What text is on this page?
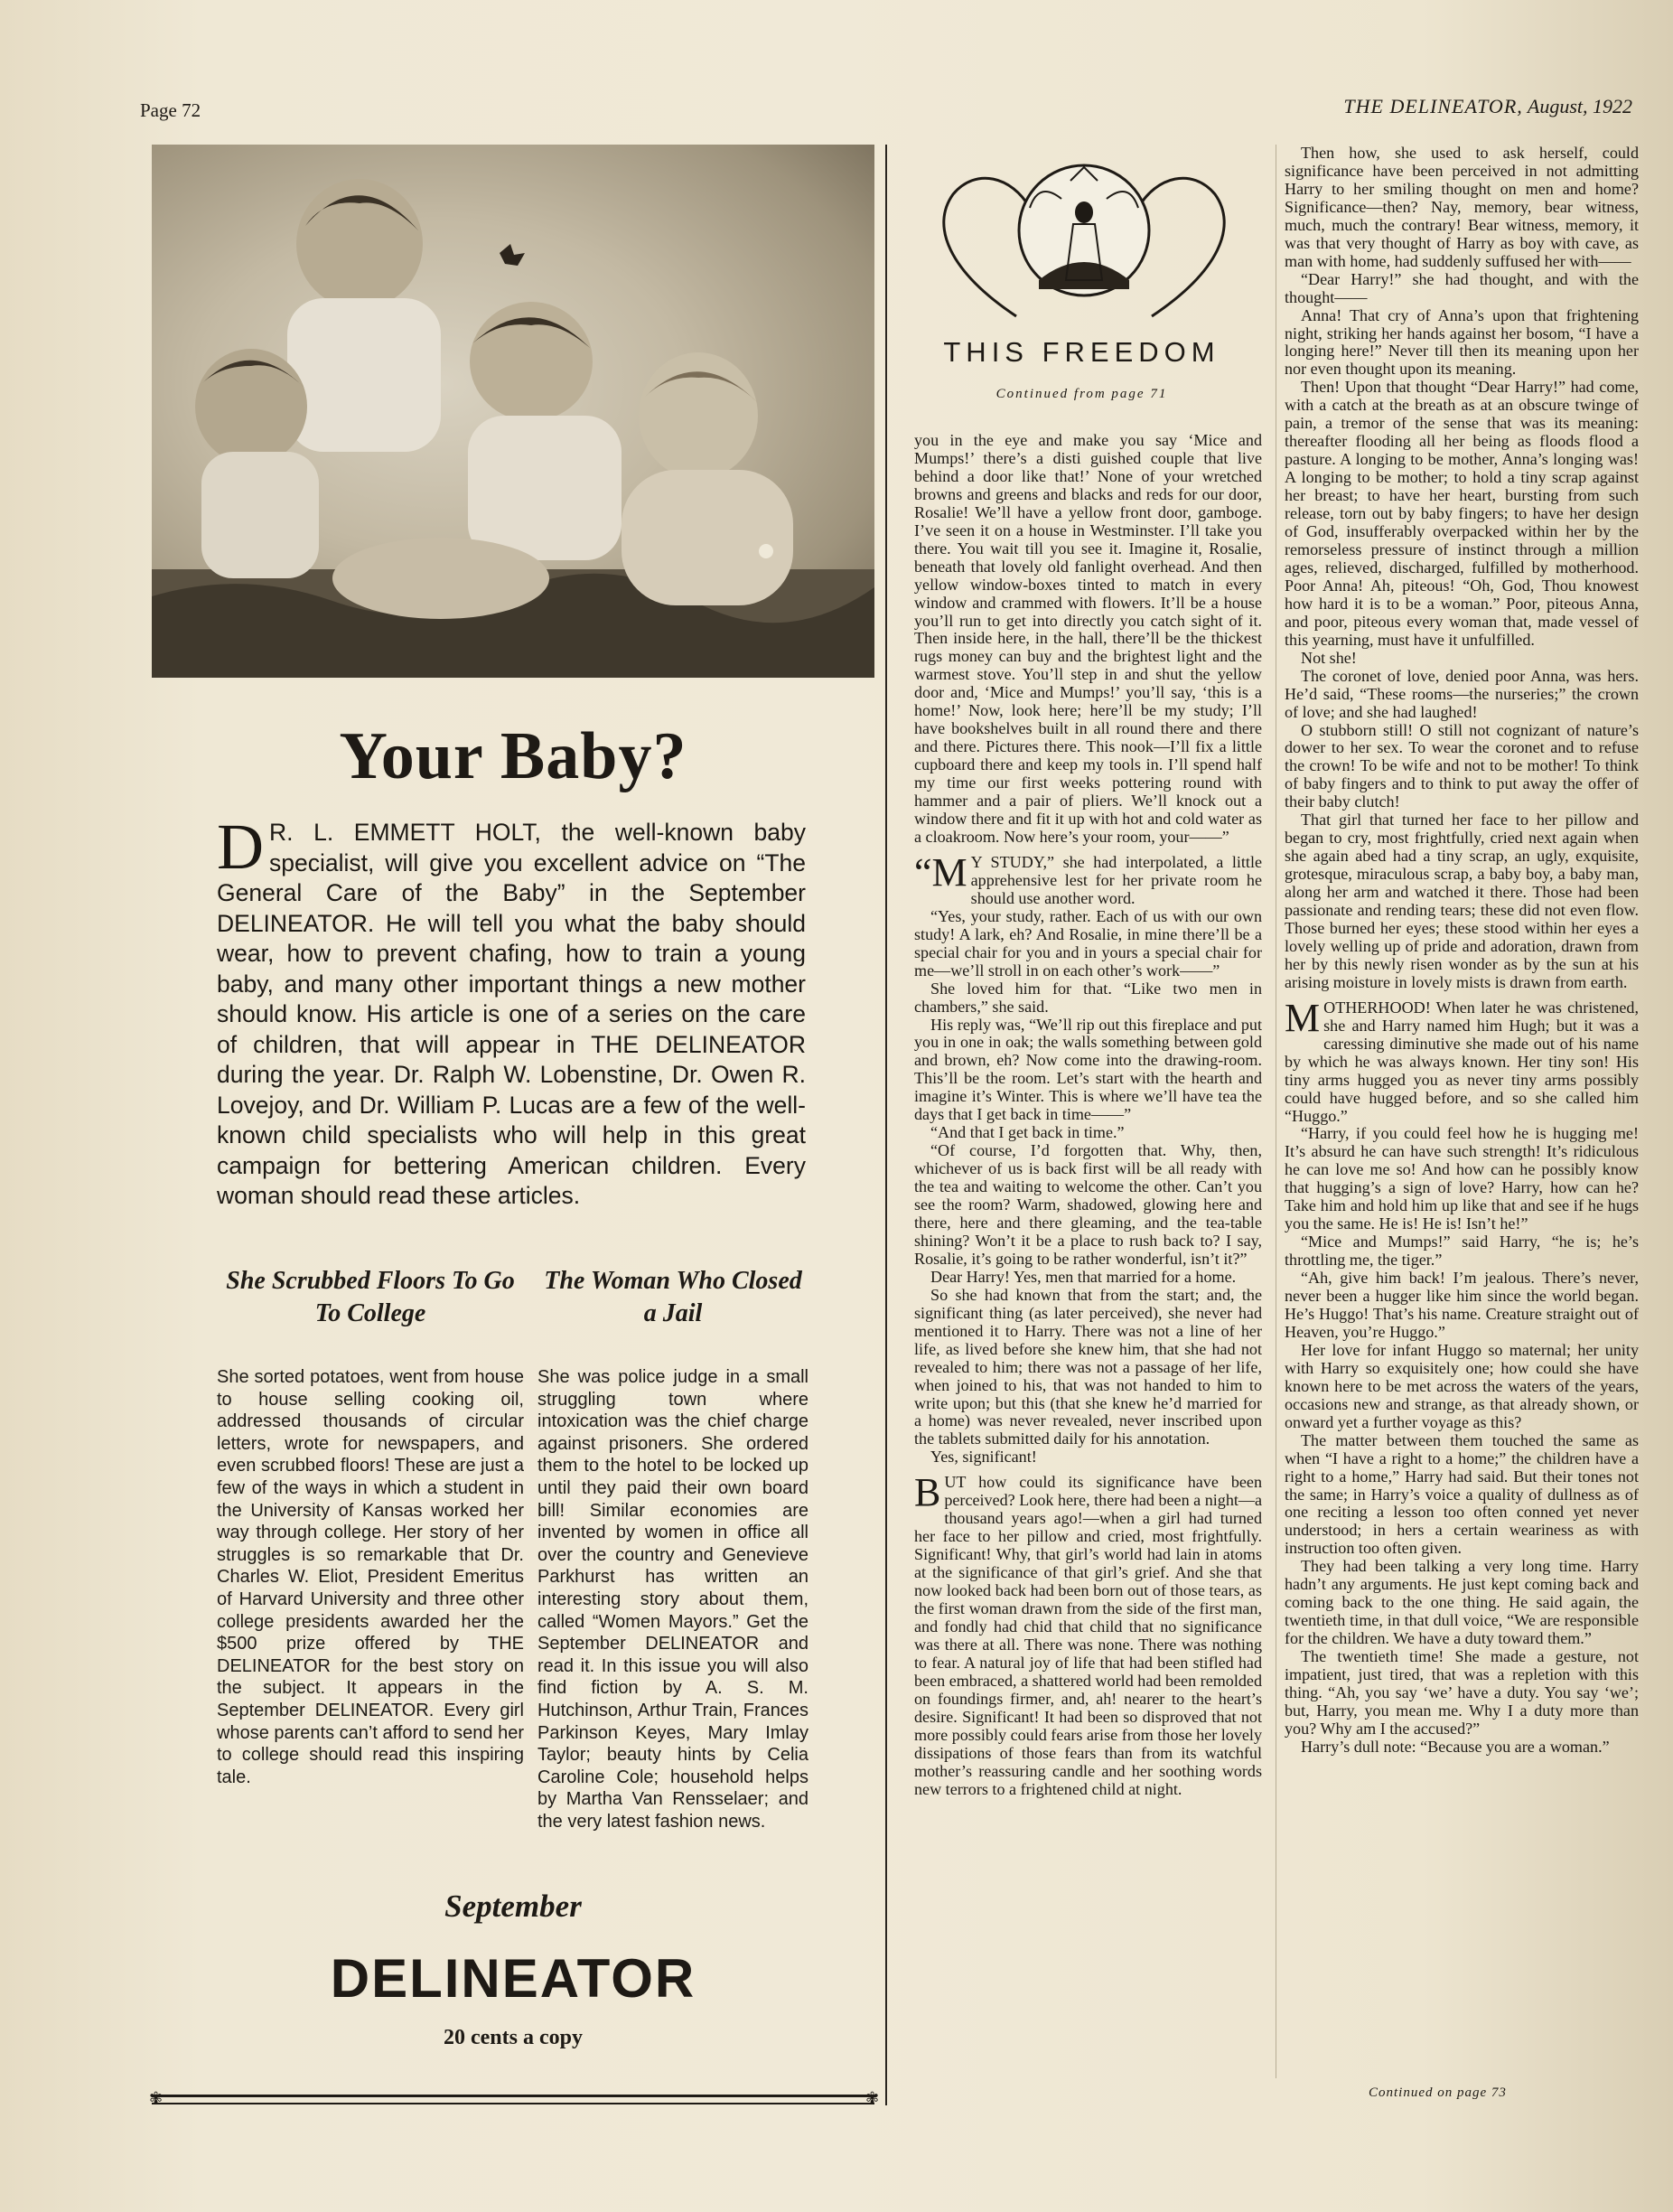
Page 72	THE DELINEATOR, August, 1922
Your Baby?
D R. L. EMMETT HOLT, the well-known baby specialist, will give you excellent advice on “The General Care of the Baby” in the September DELINEATOR. He will tell you what the baby should wear, how to prevent chafing, how to train a young baby, and many other important things a new mother should know. His article is one of a series on the care of children, that will appear in THE DELINEATOR during the year. Dr. Ralph W. Lobenstine, Dr. Owen R. Lovejoy, and Dr. William P. Lucas are a few of the well-known child specialists who will help in this great campaign for bettering American children. Every woman should read these articles.
She Scrubbed Floors To Go To College
She sorted potatoes, went from house to house selling cooking oil, addressed thousands of circular letters, wrote for newspapers, and even scrubbed floors! These are just a few of the ways in which a student in the University of Kansas worked her way through college. Her story of her struggles is so remarkable that Dr. Charles W. Eliot, President Emeritus of Harvard University and three other college presidents awarded her the $500 prize offered by THE DELINEATOR for the best story on the subject. It appears in the September DELINEATOR. Every girl whose parents can’t afford to send her to college should read this inspiring tale.
The Woman Who Closed a Jail
She was police judge in a small struggling town where intoxication was the chief charge against prisoners. She ordered them to the hotel to be locked up until they paid their own board bill! Similar economies are invented by women in office all over the country and Genevieve Parkhurst has written an interesting story about them, called “Women Mayors.” Get the September DELINEATOR and read it. In this issue you will also find fiction by A. S. M. Hutchinson, Arthur Train, Frances Parkinson Keyes, Mary Imlay Taylor; beauty hints by Celia Caroline Cole; household helps by Martha Van Rensselaer; and the very latest fashion news.
September
DELINEATOR
20 cents a copy
✾	✾
THIS FREEDOM
Continued from page 71

you in the eye and make you say ‘Mice and Mumps!’ there’s a disti guished couple that live behind a door like that!’ None of your wretched browns and greens and blacks and reds for our door, Rosalie! We’ll have a yellow front door, gamboge. I’ve seen it on a house in Westminster. I’ll take you there. You wait till you see it. Imagine it, Rosalie, beneath that lovely old fanlight overhead. And then yellow window-boxes tinted to match in every window and crammed with flowers. It’ll be a house you’ll run to get into directly you catch sight of it. Then inside here, in the hall, there’ll be the thickest rugs money can buy and the brightest light and the warmest stove. You’ll step in and shut the yellow door and, ‘Mice and Mumps!’ you’ll say, ‘this is a home!’ Now, look here; here’ll be my study; I’ll have bookshelves built in all round there and there and there. Pictures there. This nook—I’ll fix a little cupboard there and keep my tools in. I’ll spend half my time our first weeks pottering round with hammer and a pair of pliers. We’ll knock out a window there and fit it up with hot and cold water as a cloakroom. Now here’s your room, your——”

“M Y STUDY,” she had interpolated, a little apprehensive lest for her private room he should use another word.

“Yes, your study, rather. Each of us with our own study! A lark, eh? And Rosalie, in mine there’ll be a special chair for you and in yours a special chair for me—we’ll stroll in on each other’s work——”

She loved him for that. “Like two men in chambers,” she said.

His reply was, “We’ll rip out this fireplace and put you in one in oak; the walls something between gold and brown, eh? Now come into the drawing-room. This’ll be the room. Let’s start with the hearth and imagine it’s Winter. This is where we’ll have tea the days that I get back in time——”

“And that I get back in time.”

“Of course, I’d forgotten that. Why, then, whichever of us is back first will be all ready with the tea and waiting to welcome the other. Can’t you see the room? Warm, shadowed, glowing here and there, here and there gleaming, and the tea-table shining? Won’t it be a place to rush back to? I say, Rosalie, it’s going to be rather wonderful, isn’t it?”

Dear Harry! Yes, men that married for a home.

So she had known that from the start; and, the significant thing (as later perceived), she never had mentioned it to Harry. There was not a line of her life, as lived before she knew him, that she had not revealed to him; there was not a passage of her life, when joined to his, that was not handed to him to write upon; but this (that she knew he’d married for a home) was never revealed, never inscribed upon the tablets submitted daily for his annotation.

Yes, significant!

BUT how could its significance have been perceived? Look here, there had been a night—a thousand years ago!—when a girl had turned her face to her pillow and cried, most frightfully. Significant! Why, that girl’s world had lain in atoms at the significance of that girl’s grief. And she that now looked back had been born out of those tears, as the first woman drawn from the side of the first man, and fondly had chid that child that no significance was there at all. There was none. There was nothing to fear. A natural joy of life that had been stifled had been embraced, a shattered world had been remolded on foundings firmer, and, ah! nearer to the heart’s desire. Significant! It had been so disproved that not more possibly could fears arise from those her lovely dissipations of those fears than from its watchful mother’s reassuring candle and her soothing words new terrors to a frightened child at night.

Then how, she used to ask herself, could significance have been perceived in not admitting Harry to her smiling thought on men and home? Significance—then? Nay, memory, bear witness, much, much the contrary! Bear witness, memory, it was that very thought of Harry as boy with cave, as man with home, had suddenly suffused her with——

“Dear Harry!” she had thought, and with the thought——

Anna! That cry of Anna’s upon that frightening night, striking her hands against her bosom, “I have a longing here!” Never till then its meaning upon her nor even thought upon its meaning.

Then! Upon that thought “Dear Harry!” had come, with a catch at the breath as at an obscure twinge of pain, a tremor of the sense that was its meaning: thereafter flooding all her being as floods flood a pasture. A longing to be mother, Anna’s longing was! A longing to be mother; to hold a tiny scrap against her breast; to have her heart, bursting from such release, torn out by baby fingers; to have her design of God, insufferably overpacked within her by the remorseless pressure of instinct through a million ages, relieved, discharged, fulfilled by motherhood. Poor Anna! Ah, piteous! “Oh, God, Thou knowest how hard it is to be a woman.” Poor, piteous Anna, and poor, piteous every woman that, made vessel of this yearning, must have it unfulfilled.

Not she!

The coronet of love, denied poor Anna, was hers. He’d said, “These rooms—the nurseries;” the crown of love; and she had laughed!

O stubborn still! O still not cognizant of nature’s dower to her sex. To wear the coronet and to refuse the crown! To be wife and not to be mother! To think of baby fingers and to think to put away the offer of their baby clutch!

That girl that turned her face to her pillow and began to cry, most frightfully, cried next again when she again abed had a tiny scrap, an ugly, exquisite, grotesque, miraculous scrap, a baby boy, a baby man, along her arm and watched it there. Those had been passionate and rending tears; these did not even flow. Those burned her eyes; these stood within her eyes a lovely welling up of pride and adoration, drawn from her by this newly risen wonder as by the sun at his arising moisture in lovely mists is drawn from earth.

MOTHERHOOD! When later he was christened, she and Harry named him Hugh; but it was a caressing diminutive she made out of his name by which he was always known. Her tiny son! His tiny arms hugged you as never tiny arms possibly could have hugged before, and so she called him “Huggo.”

“Harry, if you could feel how he is hugging me! It’s absurd he can have such strength! It’s ridiculous he can love me so! And how can he possibly know that hugging’s a sign of love? Harry, how can he? Take him and hold him up like that and see if he hugs you the same. He is! He is! Isn’t he!”

“Mice and Mumps!” said Harry, “he is; he’s throttling me, the tiger.”

“Ah, give him back! I’m jealous. There’s never, never been a hugger like him since the world began. He’s Huggo! That’s his name. Creature straight out of Heaven, you’re Huggo.”

Her love for infant Huggo so maternal; her unity with Harry so exquisitely one; how could she have known here to be met across the waters of the years, occasions new and strange, as that already shown, or onward yet a further voyage as this?

The matter between them touched the same as when “I have a right to a home;” the children have a right to a home,” Harry had said. But their tones not the same; in Harry’s voice a quality of dullness as of one reciting a lesson too often conned yet never understood; in hers a certain weariness as with instruction too often given.

They had been talking a very long time. Harry hadn’t any arguments. He just kept coming back and coming back to the one thing. He said again, the twentieth time, in that dull voice, “We are responsible for the children. We have a duty toward them.”

The twentieth time! She made a gesture, not impatient, just tired, that was a repletion with this thing. “Ah, you say ‘we’ have a duty. You say ‘we’; but, Harry, you mean me. Why I a duty more than you? Why am I the accused?”

Harry’s dull note: “Because you are a woman.”

Continued on page 73
